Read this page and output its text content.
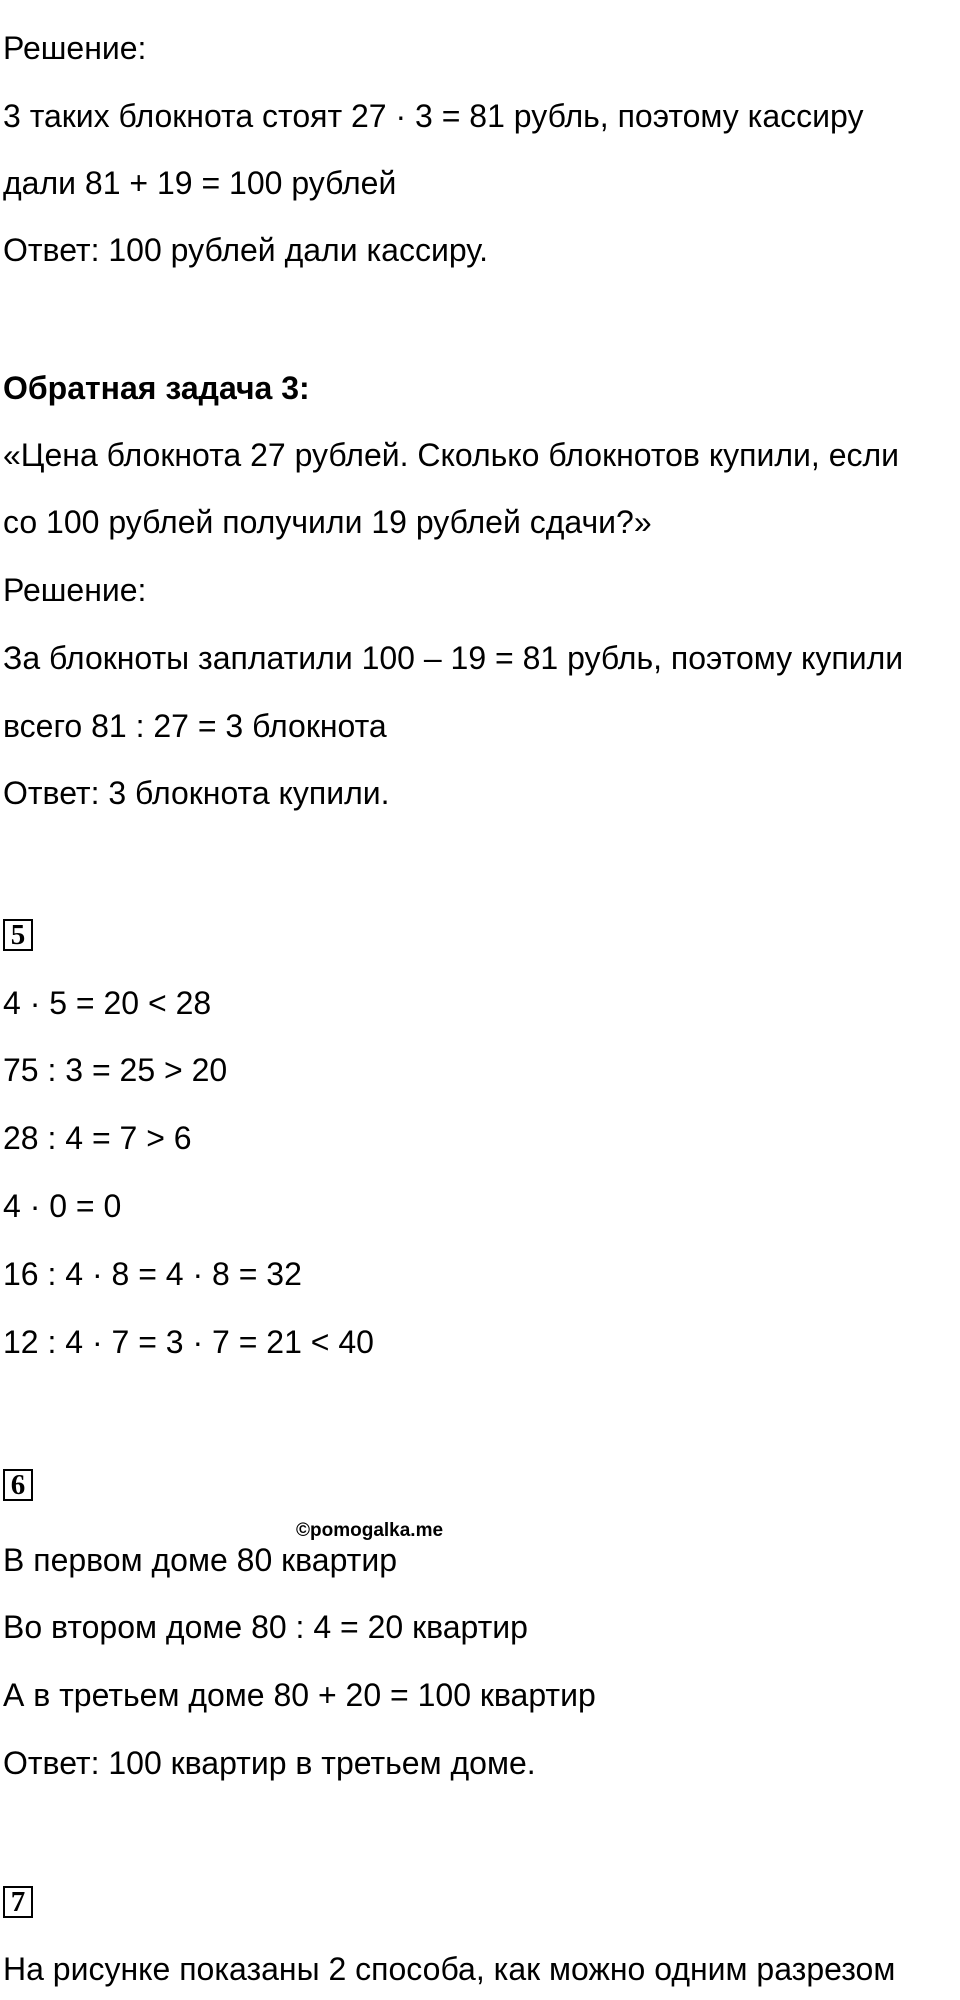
Решение:
3 таких блокнота стоят 27 · 3 = 81 рубль, поэтому кассиру
дали 81 + 19 = 100 рублей
Ответ: 100 рублей дали кассиру.
Обратная задача 3:
«Цена блокнота 27 рублей. Сколько блокнотов купили, если
со 100 рублей получили 19 рублей сдачи?»
Решение:
За блокноты заплатили 100 – 19 = 81 рубль, поэтому купили
всего 81 : 27 = 3 блокнота
Ответ: 3 блокнота купили.
5
4 · 5 = 20 < 28
75 : 3 = 25 > 20
28 : 4 = 7 > 6
4 · 0 = 0
16 : 4 · 8 = 4 · 8 = 32
12 : 4 · 7 = 3 · 7 = 21 < 40
6
©pomogalka.me
В первом доме 80 квартир
Во втором доме 80 : 4 = 20 квартир
А в третьем доме 80 + 20 = 100 квартир
Ответ: 100 квартир в третьем доме.
7
На рисунке показаны 2 способа, как можно одним разрезом
